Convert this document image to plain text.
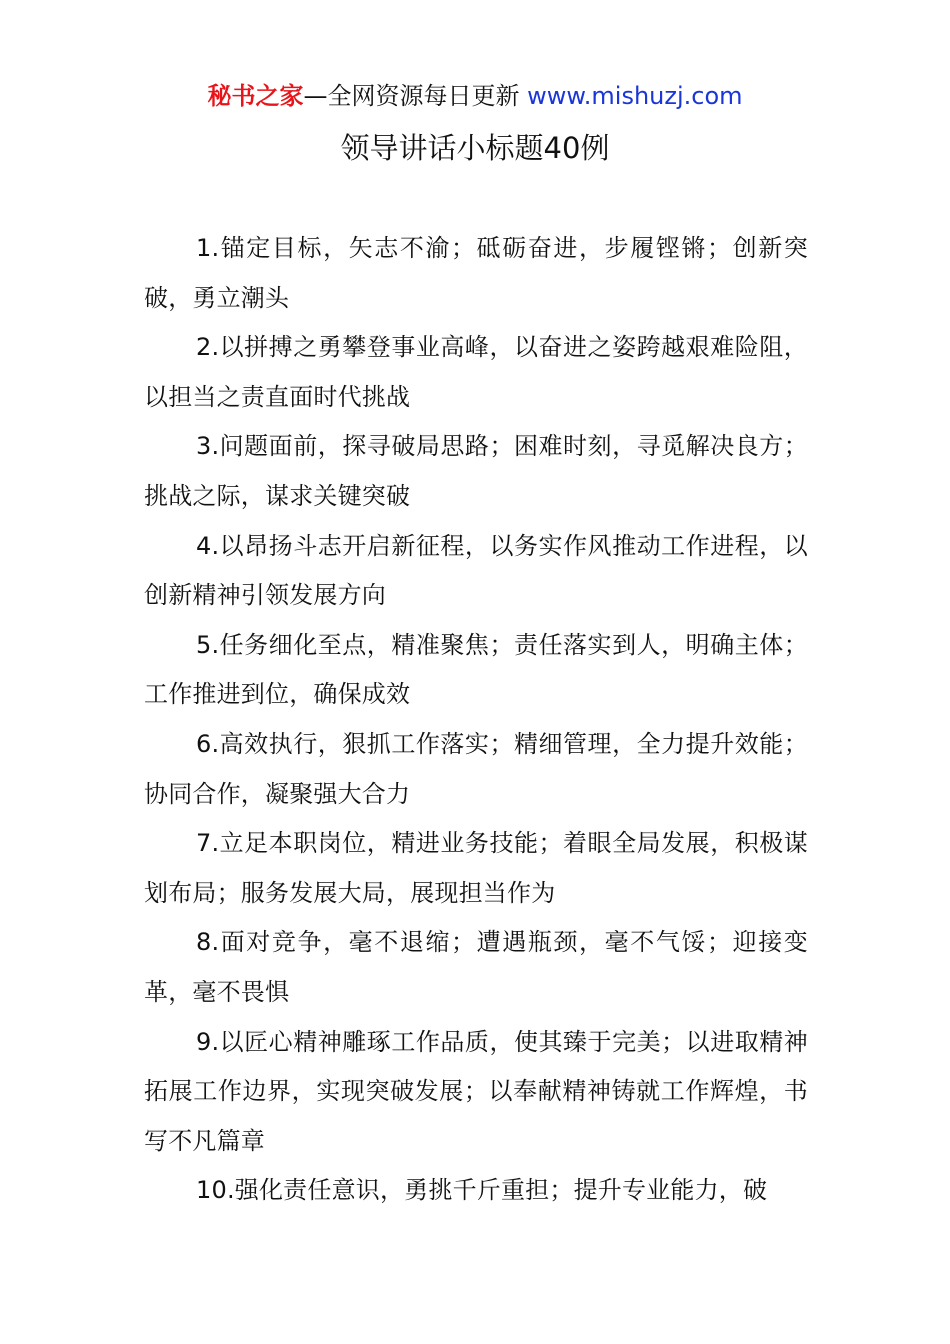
秘书之家—全网资源每日更新 www.mishuzj.com
领导讲话小标题40例

1.锚定目标，矢志不渝；砥砺奋进，步履铿锵；创新突破，勇立潮头

2.以拼搏之勇攀登事业高峰，以奋进之姿跨越艰难险阻，以担当之责直面时代挑战

3.问题面前，探寻破局思路；困难时刻，寻觅解决良方；挑战之际，谋求关键突破

4.以昂扬斗志开启新征程，以务实作风推动工作进程，以创新精神引领发展方向

5.任务细化至点，精准聚焦；责任落实到人，明确主体；工作推进到位，确保成效

6.高效执行，狠抓工作落实；精细管理，全力提升效能；协同合作，凝聚强大合力

7.立足本职岗位，精进业务技能；着眼全局发展，积极谋划布局；服务发展大局，展现担当作为

8.面对竞争，毫不退缩；遭遇瓶颈，毫不气馁；迎接变革，毫不畏惧

9.以匠心精神雕琢工作品质，使其臻于完美；以进取精神拓展工作边界，实现突破发展；以奉献精神铸就工作辉煌，书写不凡篇章

10.强化责任意识，勇挑千斤重担；提升专业能力，破
